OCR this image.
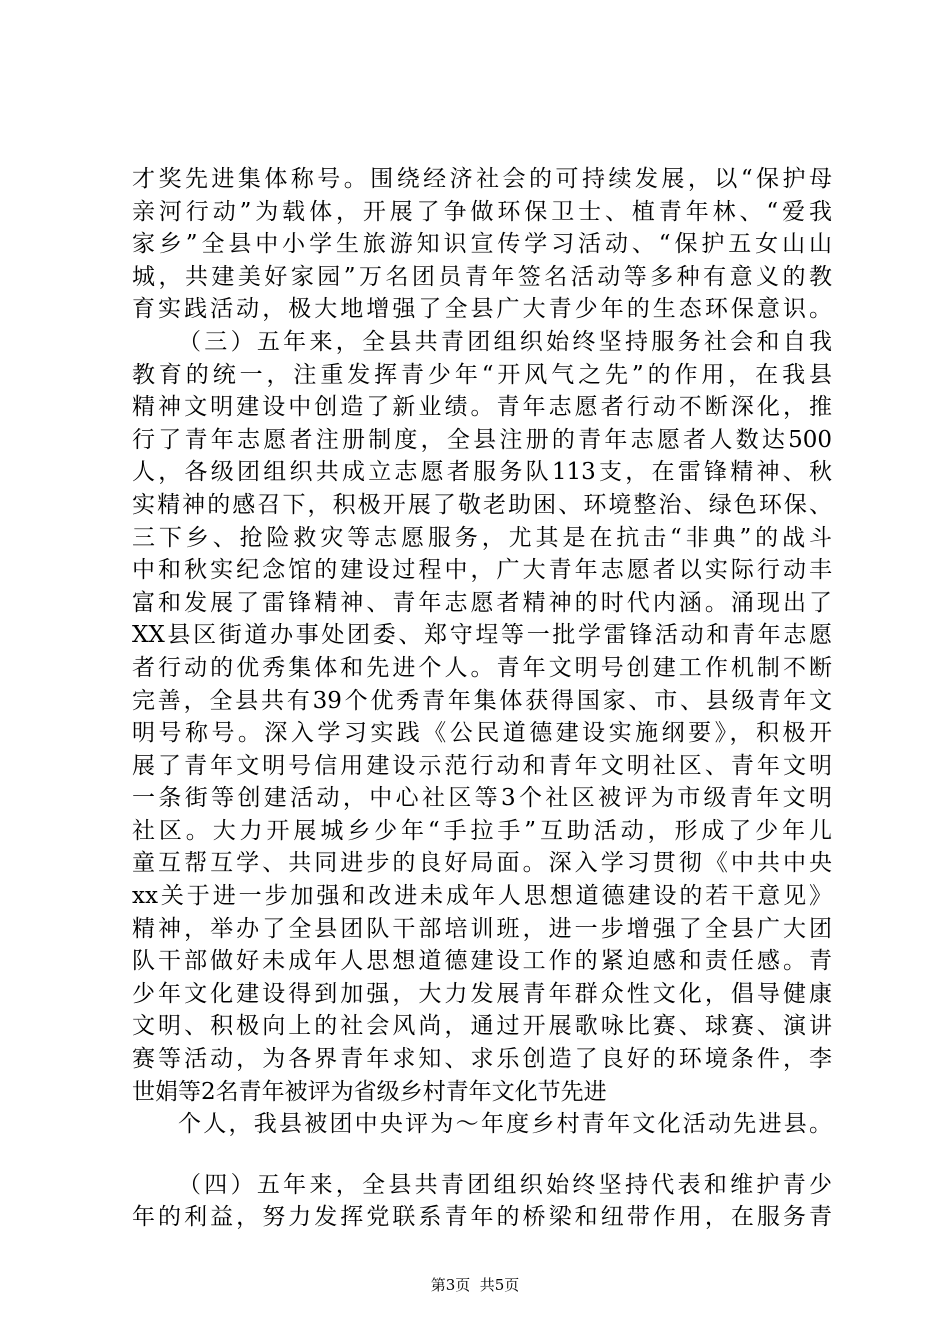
才奖先进集体称号。围绕经济社会的可持续发展，以“保护母
亲河行动”为载体，开展了争做环保卫士、植青年林、“爱我
家乡”全县中小学生旅游知识宣传学习活动、“保护五女山山
城，共建美好家园”万名团员青年签名活动等多种有意义的教
育实践活动，极大地增强了全县广大青少年的生态环保意识。
（三）五年来，全县共青团组织始终坚持服务社会和自我
教育的统一，注重发挥青少年“开风气之先”的作用，在我县
精神文明建设中创造了新业绩。青年志愿者行动不断深化，推
行了青年志愿者注册制度，全县注册的青年志愿者人数达500
人，各级团组织共成立志愿者服务队113支，在雷锋精神、秋
实精神的感召下，积极开展了敬老助困、环境整治、绿色环保、
三下乡、抢险救灾等志愿服务，尤其是在抗击“非典”的战斗
中和秋实纪念馆的建设过程中，广大青年志愿者以实际行动丰
富和发展了雷锋精神、青年志愿者精神的时代内涵。涌现出了
XX县区街道办事处团委、郑守埕等一批学雷锋活动和青年志愿
者行动的优秀集体和先进个人。青年文明号创建工作机制不断
完善，全县共有39个优秀青年集体获得国家、市、县级青年文
明号称号。深入学习实践《公民道德建设实施纲要》，积极开
展了青年文明号信用建设示范行动和青年文明社区、青年文明
一条街等创建活动，中心社区等3个社区被评为市级青年文明
社区。大力开展城乡少年“手拉手”互助活动，形成了少年儿
童互帮互学、共同进步的良好局面。深入学习贯彻《中共中央
xx关于进一步加强和改进未成年人思想道德建设的若干意见》
精神，举办了全县团队干部培训班，进一步增强了全县广大团
队干部做好未成年人思想道德建设工作的紧迫感和责任感。青
少年文化建设得到加强，大力发展青年群众性文化，倡导健康
文明、积极向上的社会风尚，通过开展歌咏比赛、球赛、演讲
赛等活动，为各界青年求知、求乐创造了良好的环境条件，李
世娟等2名青年被评为省级乡村青年文化节先进
个人，我县被团中央评为～年度乡村青年文化活动先进县。
（四）五年来，全县共青团组织始终坚持代表和维护青少
年的利益，努力发挥党联系青年的桥梁和纽带作用，在服务青
第3页  共5页
